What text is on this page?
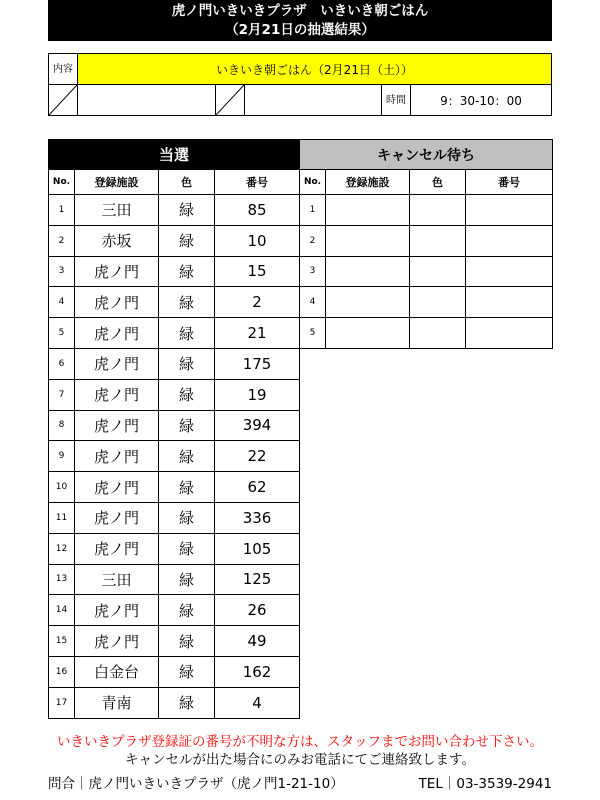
虎ノ門いきいきプラザ　いきいき朝ごはん
（2月21日の抽選結果）
内容	いきいき朝ごはん（2月21日（土））				

		時間	9：30-10：00
当選				キャンセル待ち			
No.	登録施設	色	番号	No.	登録施設	色	番号
1	三田	緑	85	1			
2	赤坂	緑	10	2			
3	虎ノ門	緑	15	3			
4	虎ノ門	緑	2	4			
5	虎ノ門	緑	21	5			
6	虎ノ門	緑	175				
7	虎ノ門	緑	19				
8	虎ノ門	緑	394				
9	虎ノ門	緑	22				
10	虎ノ門	緑	62				
11	虎ノ門	緑	336				
12	虎ノ門	緑	105				
13	三田	緑	125				
14	虎ノ門	緑	26				
15	虎ノ門	緑	49				
16	白金台	緑	162				
17	青南	緑	4				
いきいきプラザ登録証の番号が不明な方は、スタッフまでお問い合わせ下さい。
キャンセルが出た場合にのみお電話にてご連絡致します。
問合｜虎ノ門いきいきプラザ（虎ノ門1-21-10）	TEL｜03-3539-2941
